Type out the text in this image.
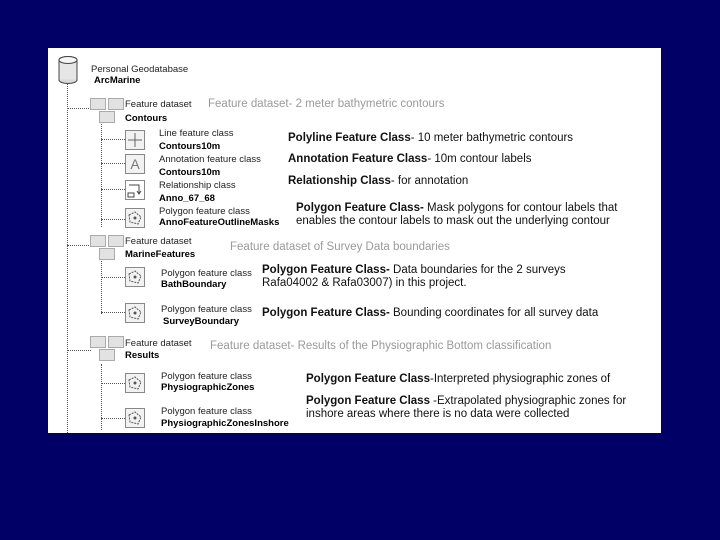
Personal Geodatabase
ArcMarine
Feature dataset
Contours
Feature dataset- 2 meter bathymetric contours
Line feature class
Contours10m
Polyline Feature Class- 10 meter bathymetric contours
A	Annotation feature class
Contours10m
Annotation Feature Class- 10m contour labels
Relationship class
Anno_67_68
Relationship Class- for annotation
Polygon feature class
AnnoFeatureOutlineMasks
Polygon Feature Class- Mask polygons for contour labels that
enables the contour labels to mask out the underlying contour
Feature dataset
MarineFeatures
Feature dataset of Survey Data boundaries
Polygon feature class
BathBoundary
Polygon Feature Class- Data boundaries for the 2 surveys
Rafa04002 & Rafa03007) in this project.
Polygon feature class
SurveyBoundary
Polygon Feature Class- Bounding coordinates for all survey data
Feature dataset
Results
Feature dataset- Results of the Physiographic Bottom classification
Polygon feature class
PhysiographicZones
Polygon Feature Class-Interpreted physiographic zones of
Polygon feature class
PhysiographicZonesInshore
Polygon Feature Class -Extrapolated physiographic zones for
inshore areas where there is no data were collected
